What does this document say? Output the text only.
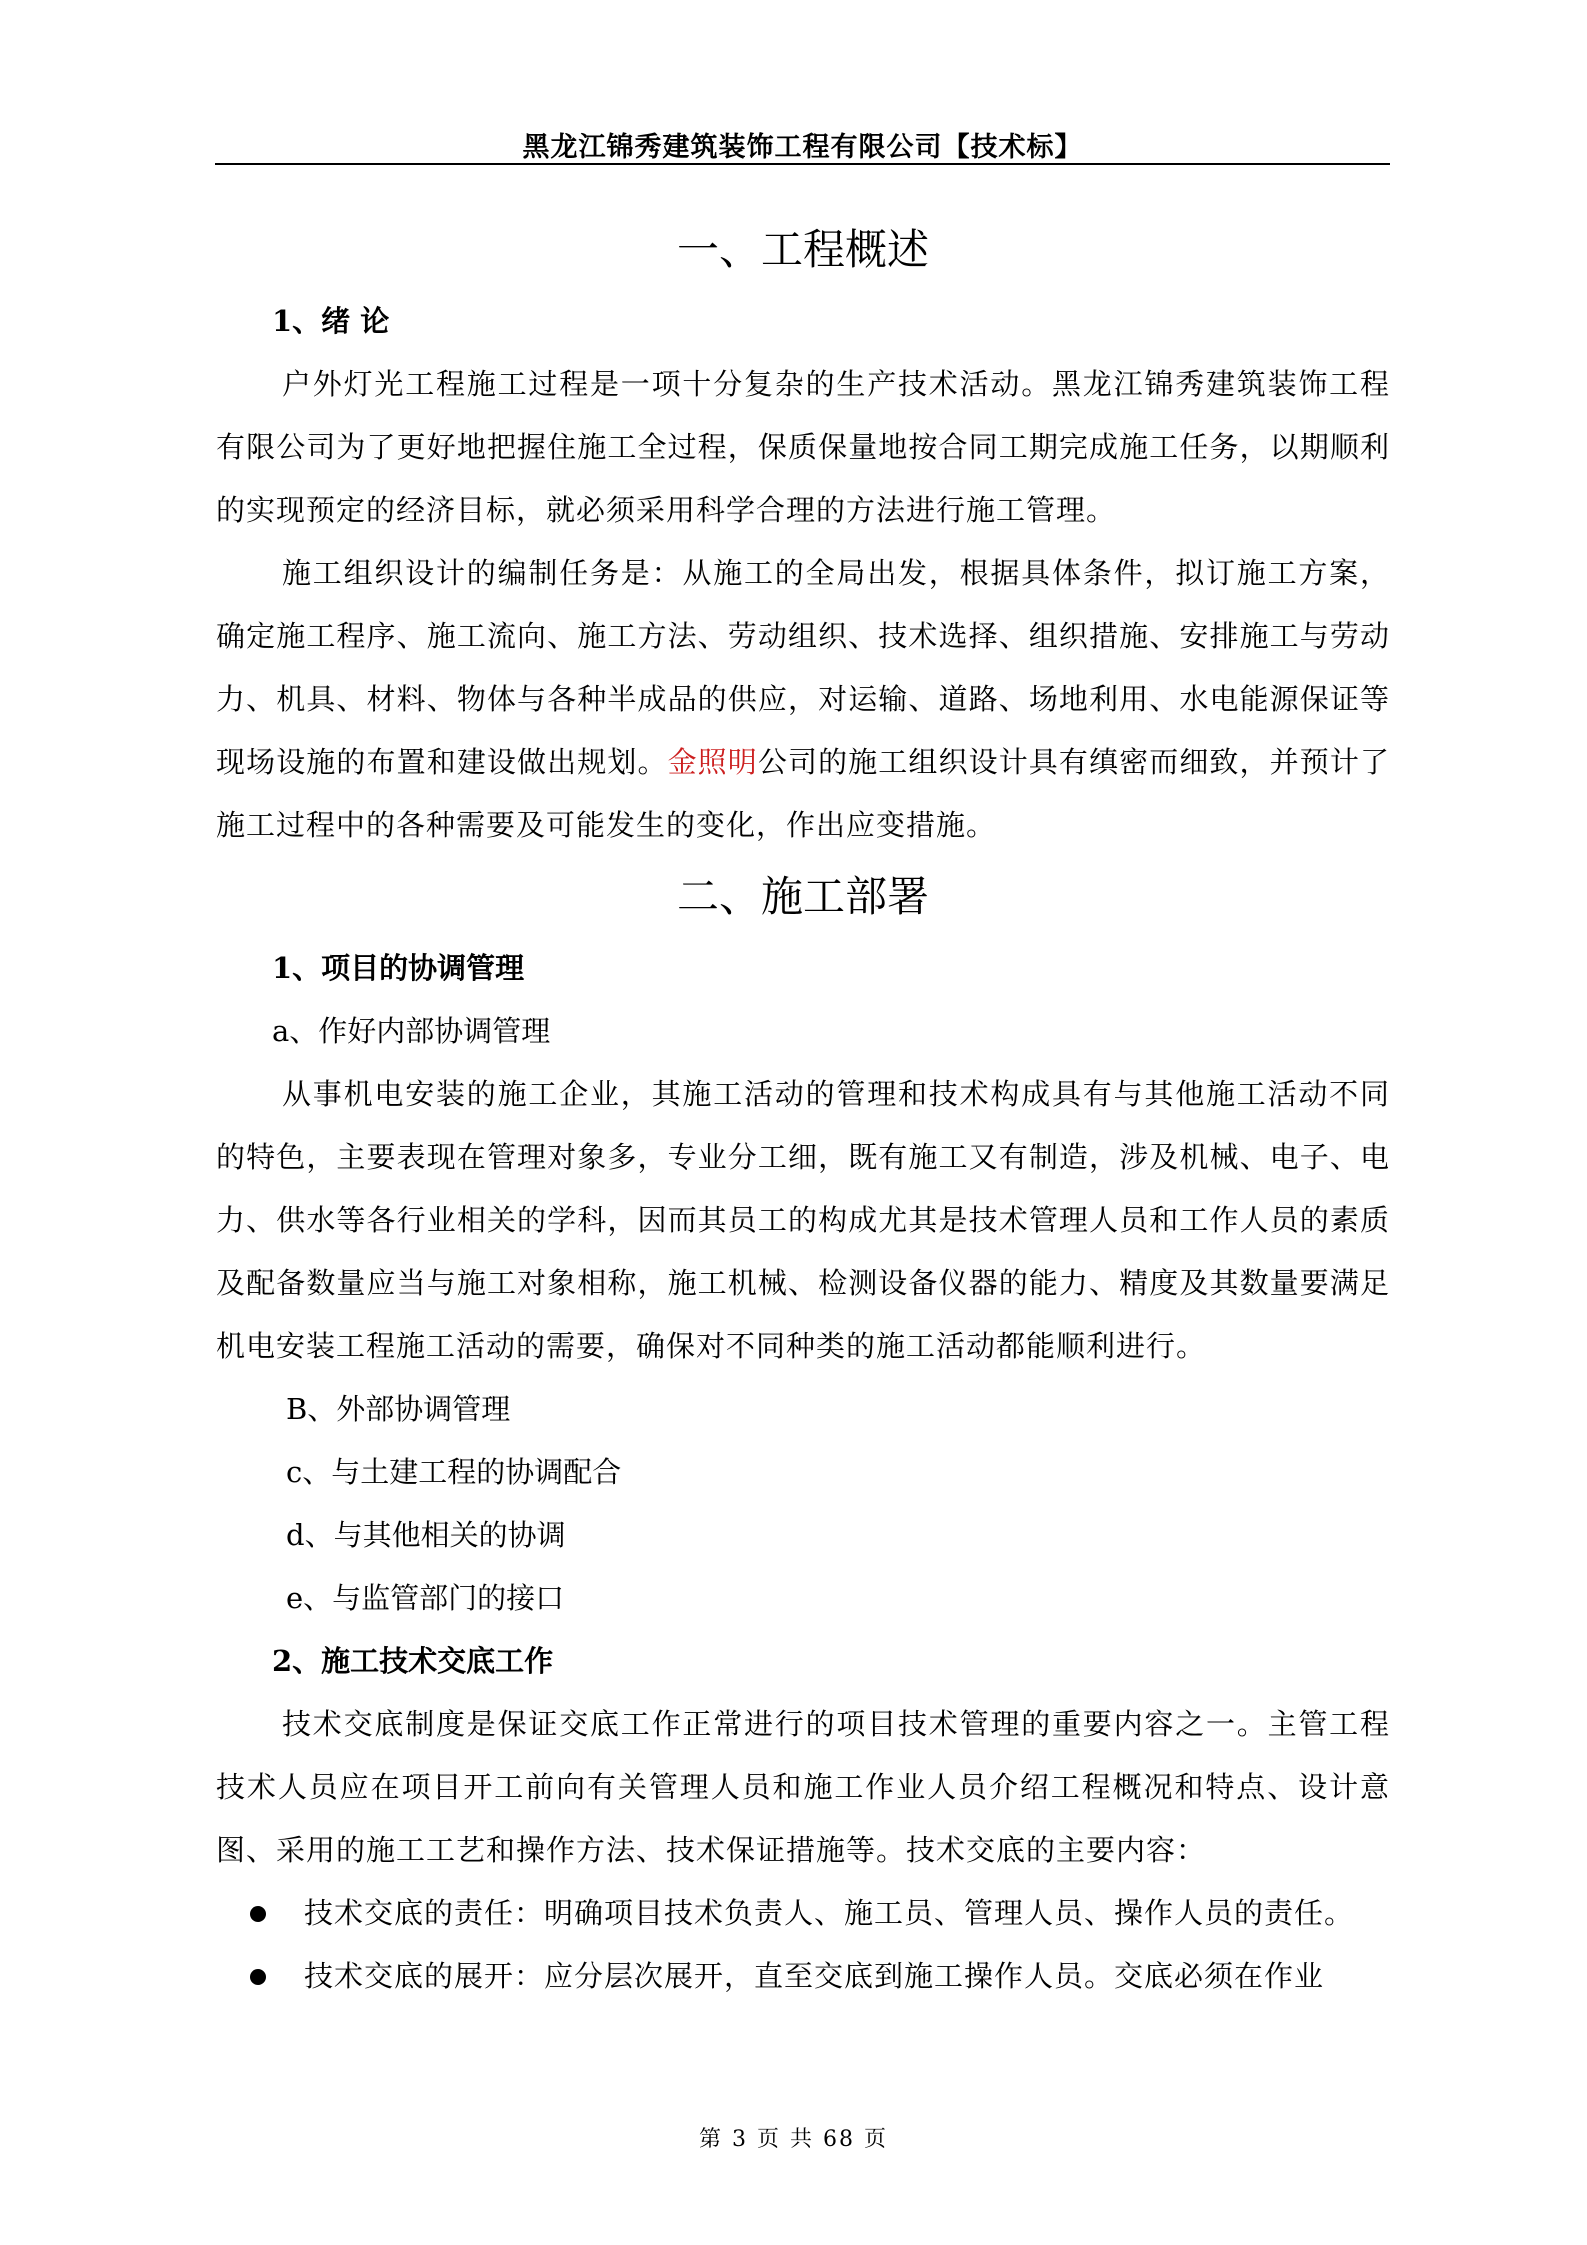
黑龙江锦秀建筑装饰工程有限公司【技术标】
一、工程概述
1、绪 论

户外灯光工程施工过程是一项十分复杂的生产技术活动。黑龙江锦秀建筑装饰工程有限公司为了更好地把握住施工全过程，保质保量地按合同工期完成施工任务，以期顺利的实现预定的经济目标，就必须采用科学合理的方法进行施工管理。

施工组织设计的编制任务是：从施工的全局出发，根据具体条件，拟订施工方案，确定施工程序、施工流向、施工方法、劳动组织、技术选择、组织措施、安排施工与劳动力、机具、材料、物体与各种半成品的供应，对运输、道路、场地利用、水电能源保证等现场设施的布置和建设做出规划。金照明公司的施工组织设计具有缜密而细致，并预计了施工过程中的各种需要及可能发生的变化，作出应变措施。

二、施工部署
1、项目的协调管理
a、作好内部协调管理

从事机电安装的施工企业，其施工活动的管理和技术构成具有与其他施工活动不同的特色，主要表现在管理对象多，专业分工细，既有施工又有制造，涉及机械、电子、电力、供水等各行业相关的学科，因而其员工的构成尤其是技术管理人员和工作人员的素质及配备数量应当与施工对象相称，施工机械、检测设备仪器的能力、精度及其数量要满足机电安装工程施工活动的需要，确保对不同种类的施工活动都能顺利进行。

B、外部协调管理
c、与土建工程的协调配合
d、与其他相关的协调
e、与监管部门的接口
2、施工技术交底工作

技术交底制度是保证交底工作正常进行的项目技术管理的重要内容之一。主管工程技术人员应在项目开工前向有关管理人员和施工作业人员介绍工程概况和特点、设计意图、采用的施工工艺和操作方法、技术保证措施等。技术交底的主要内容：

技术交底的责任：明确项目技术负责人、施工员、管理人员、操作人员的责任。
技术交底的展开：应分层次展开，直至交底到施工操作人员。交底必须在作业
第 3 页 共 68 页
